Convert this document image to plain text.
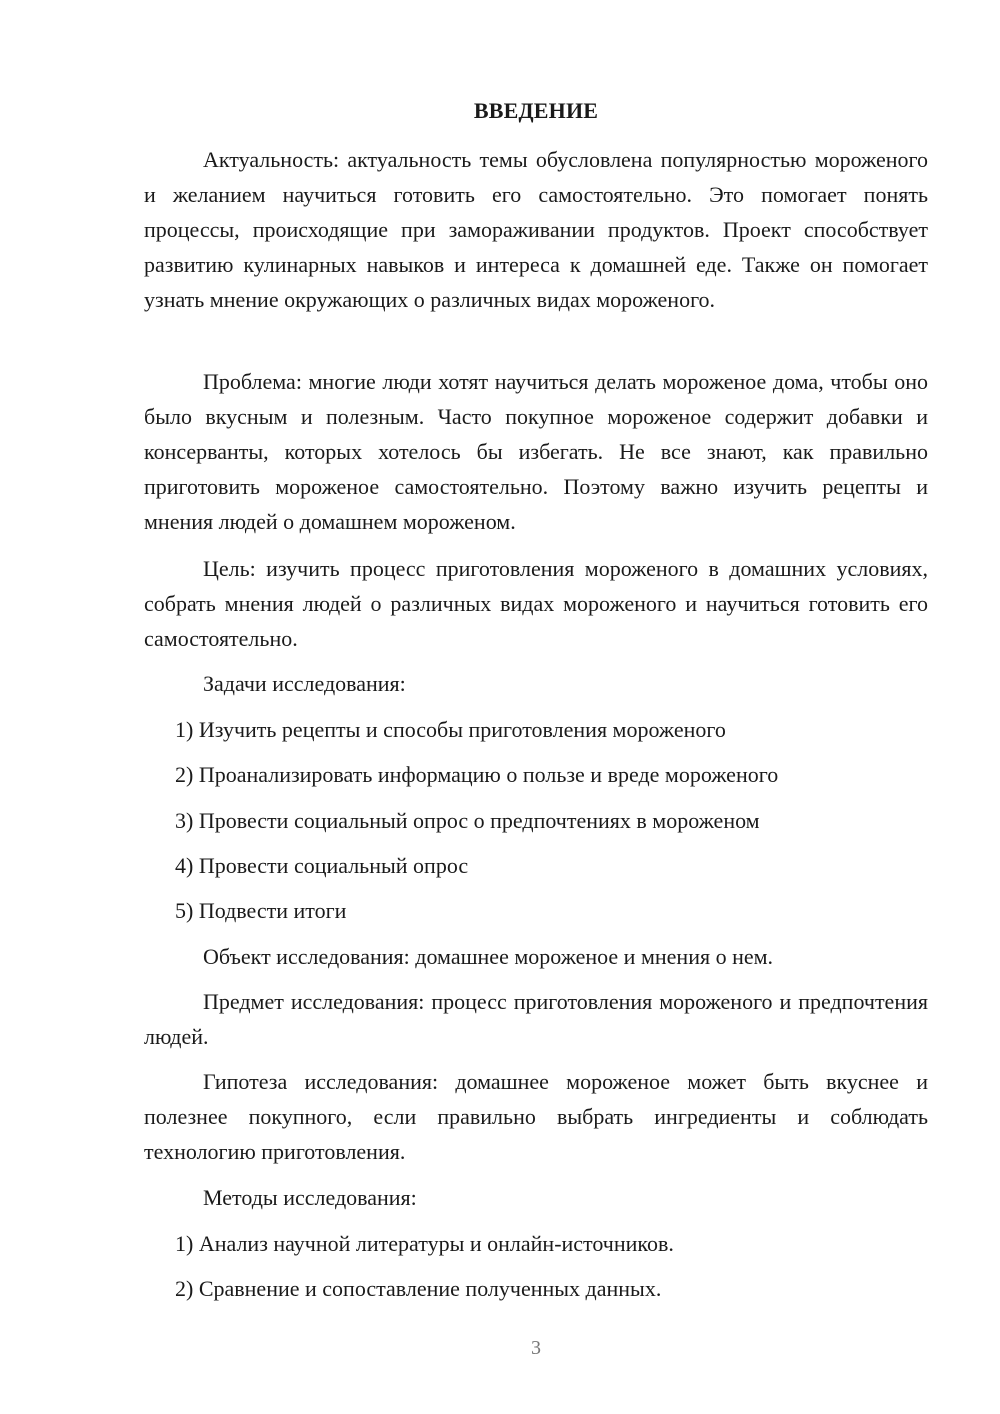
ВВЕДЕНИЕ

Актуальность: актуальность темы обусловлена популярностью мороженого и желанием научиться готовить его самостоятельно. Это помогает понять процессы, происходящие при замораживании продуктов. Проект способствует развитию кулинарных навыков и интереса к домашней еде. Также он помогает узнать мнение окружающих о различных видах мороженого.

Проблема: многие люди хотят научиться делать мороженое дома, чтобы оно было вкусным и полезным. Часто покупное мороженое содержит добавки и консерванты, которых хотелось бы избегать. Не все знают, как правильно приготовить мороженое самостоятельно. Поэтому важно изучить рецепты и мнения людей о домашнем мороженом.

Цель: изучить процесс приготовления мороженого в домашних условиях, собрать мнения людей о различных видах мороженого и научиться готовить его самостоятельно.

Задачи исследования:

1) Изучить рецепты и способы приготовления мороженого

2) Проанализировать информацию о пользе и вреде мороженого

3) Провести социальный опрос о предпочтениях в мороженом

4) Провести социальный опрос

5) Подвести итоги

Объект исследования: домашнее мороженое и мнения о нем.

Предмет исследования: процесс приготовления мороженого и предпочтения людей.

Гипотеза исследования: домашнее мороженое может быть вкуснее и полезнее покупного, если правильно выбрать ингредиенты и соблюдать технологию приготовления.

Методы исследования:

1) Анализ научной литературы и онлайн-источников.

2) Сравнение и сопоставление полученных данных.

3
